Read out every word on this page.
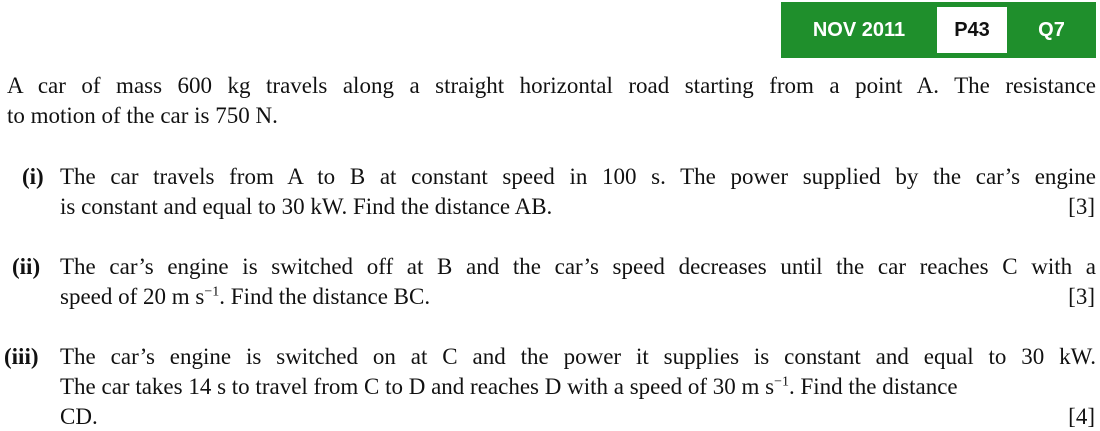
NOV 2011	P43	Q7
A car of mass 600 kg travels along a straight horizontal road starting from a point A. The resistance
to motion of the car is 750 N.
(i) The car travels from A to B at constant speed in 100 s. The power supplied by the car’s engine
is constant and equal to 30 kW. Find the distance AB.	[3]
(ii) The car’s engine is switched off at B and the car’s speed decreases until the car reaches C with a
speed of 20 m $s^{-1}$. Find the distance BC.	[3]
(iii) The car’s engine is switched on at C and the power it supplies is constant and equal to 30 kW.
The car takes 14 s to travel from C to D and reaches D with a speed of 30 m $s^{-1}$. Find the distance
CD.	[4]
